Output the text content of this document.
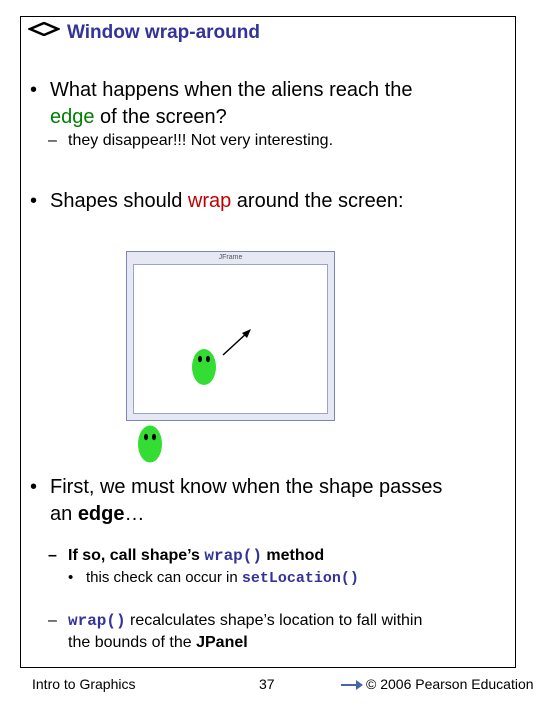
Window wrap-around
• What happens when the aliens reach the
edge of the screen?
– they disappear!!! Not very interesting.
• Shapes should wrap around the screen:
JFrame
• First, we must know when the shape passes
an edge…
– If so, call shape’s wrap() method
• this check can occur in setLocation()
– wrap() recalculates shape’s location to fall within
the bounds of the JPanel
Intro to Graphics	37	© 2006 Pearson Education
